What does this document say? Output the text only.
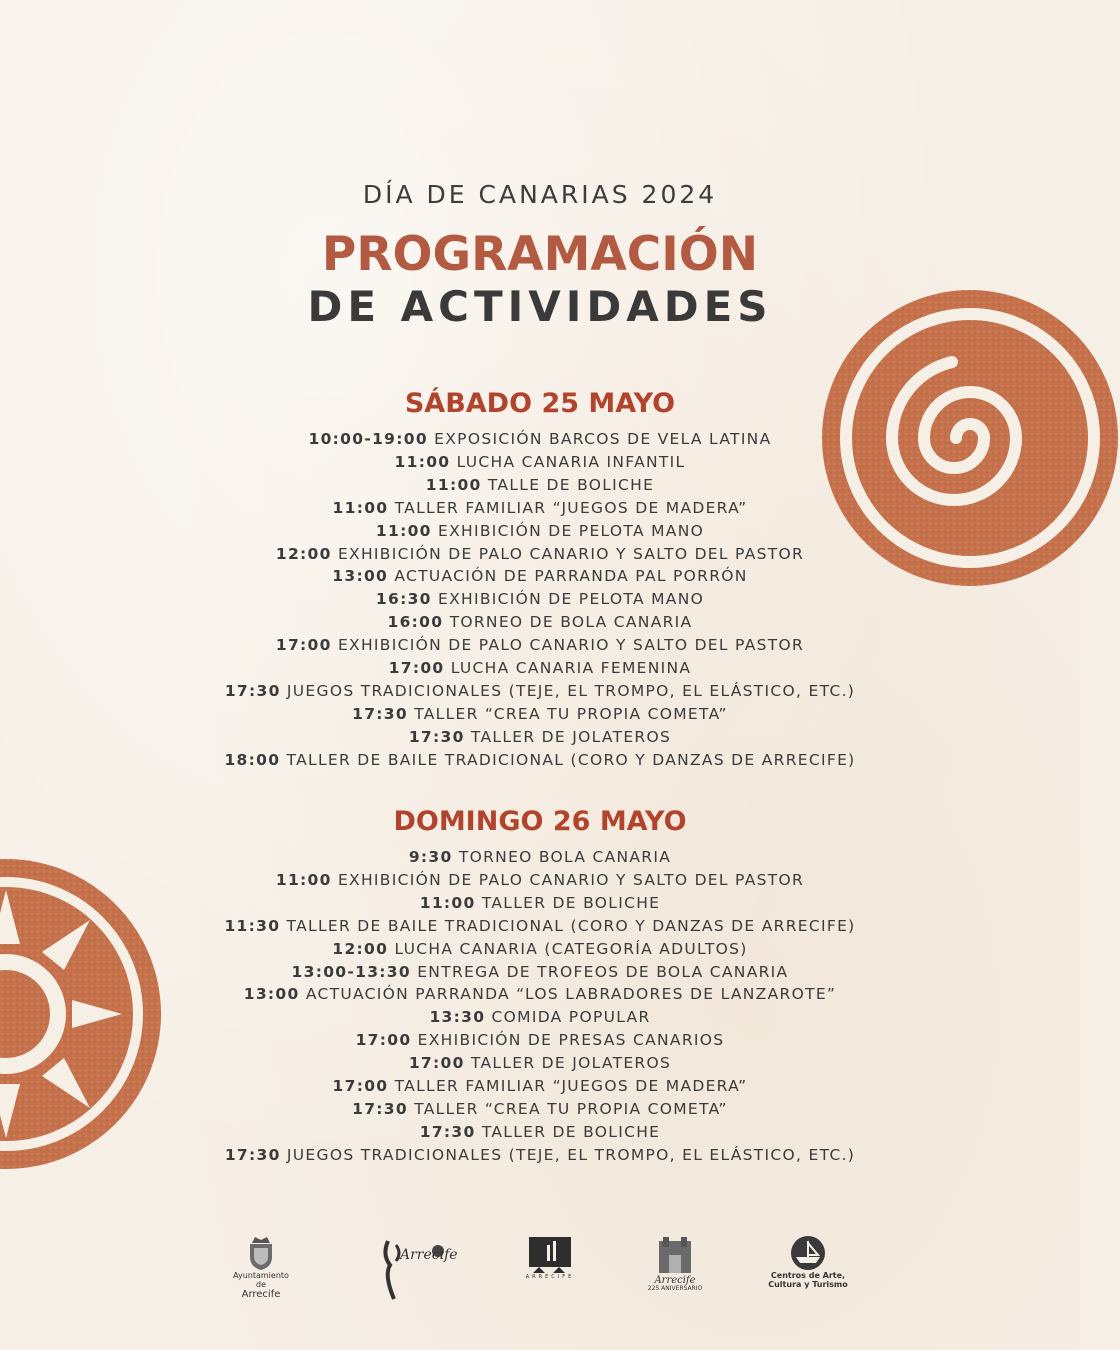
DÍA DE CANARIAS 2024

PROGRAMACIÓN
DE ACTIVIDADES
SÁBADO 25 MAYO
10:00-19:00 EXPOSICIÓN BARCOS DE VELA LATINA
11:00 LUCHA CANARIA INFANTIL
11:00 TALLE DE BOLICHE
11:00 TALLER FAMILIAR “JUEGOS DE MADERA”
11:00 EXHIBICIÓN DE PELOTA MANO
12:00 EXHIBICIÓN DE PALO CANARIO Y SALTO DEL PASTOR
13:00 ACTUACIÓN DE PARRANDA PAL PORRÓN
16:30 EXHIBICIÓN DE PELOTA MANO
16:00 TORNEO DE BOLA CANARIA
17:00 EXHIBICIÓN DE PALO CANARIO Y SALTO DEL PASTOR
17:00 LUCHA CANARIA FEMENINA
17:30 JUEGOS TRADICIONALES (TEJE, EL TROMPO, EL ELÁSTICO, ETC.)
17:30 TALLER “CREA TU PROPIA COMETA”
17:30 TALLER DE JOLATEROS
18:00 TALLER DE BAILE TRADICIONAL (CORO Y DANZAS DE ARRECIFE)
DOMINGO 26 MAYO
9:30 TORNEO BOLA CANARIA
11:00 EXHIBICIÓN DE PALO CANARIO Y SALTO DEL PASTOR
11:00 TALLER DE BOLICHE
11:30 TALLER DE BAILE TRADICIONAL (CORO Y DANZAS DE ARRECIFE)
12:00 LUCHA CANARIA (CATEGORÍA ADULTOS)
13:00-13:30 ENTREGA DE TROFEOS DE BOLA CANARIA
13:00 ACTUACIÓN PARRANDA “LOS LABRADORES DE LANZAROTE”
13:30 COMIDA POPULAR
17:00 EXHIBICIÓN DE PRESAS CANARIOS
17:00 TALLER DE JOLATEROS
17:00 TALLER FAMILIAR “JUEGOS DE MADERA”
17:30 TALLER “CREA TU PROPIA COMETA”
17:30 TALLER DE BOLICHE
17:30 JUEGOS TRADICIONALES (TEJE, EL TROMPO, EL ELÁSTICO, ETC.)
Ayuntamiento de
Arrecife
Arrecife
ARRECIFE	Arrecife
225 ANIVERSARIO
Centros de Arte,
Cultura y Turismo
